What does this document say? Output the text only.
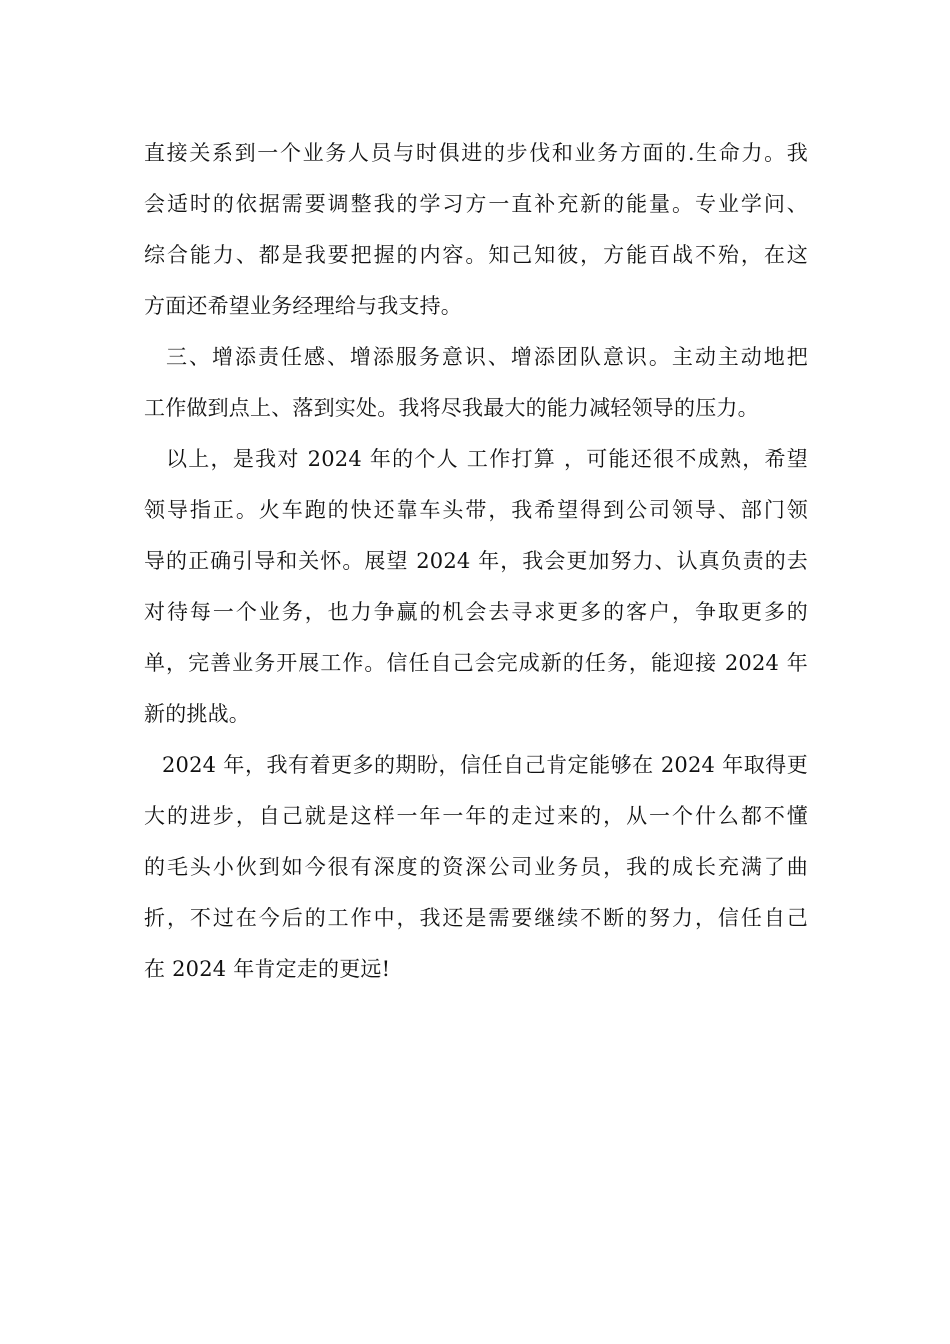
直接关系到一个业务人员与时俱进的步伐和业务方面的.生命力。我
会适时的依据需要调整我的学习方一直补充新的能量。专业学问、
综合能力、都是我要把握的内容。知己知彼，方能百战不殆，在这
方面还希望业务经理给与我支持。
三、增添责任感、增添服务意识、增添团队意识。主动主动地把
工作做到点上、落到实处。我将尽我最大的能力减轻领导的压力。
以上，是我对 2024 年的个人 工作打算 ，可能还很不成熟，希望
领导指正。火车跑的快还靠车头带，我希望得到公司领导、部门领
导的正确引导和关怀。展望 2024 年，我会更加努力、认真负责的去
对待每一个业务，也力争赢的机会去寻求更多的客户，争取更多的
单，完善业务开展工作。信任自己会完成新的任务，能迎接 2024 年
新的挑战。
2024 年，我有着更多的期盼，信任自己肯定能够在 2024 年取得更
大的进步，自己就是这样一年一年的走过来的，从一个什么都不懂
的毛头小伙到如今很有深度的资深公司业务员，我的成长充满了曲
折，不过在今后的工作中，我还是需要继续不断的努力，信任自己
在 2024 年肯定走的更远!
